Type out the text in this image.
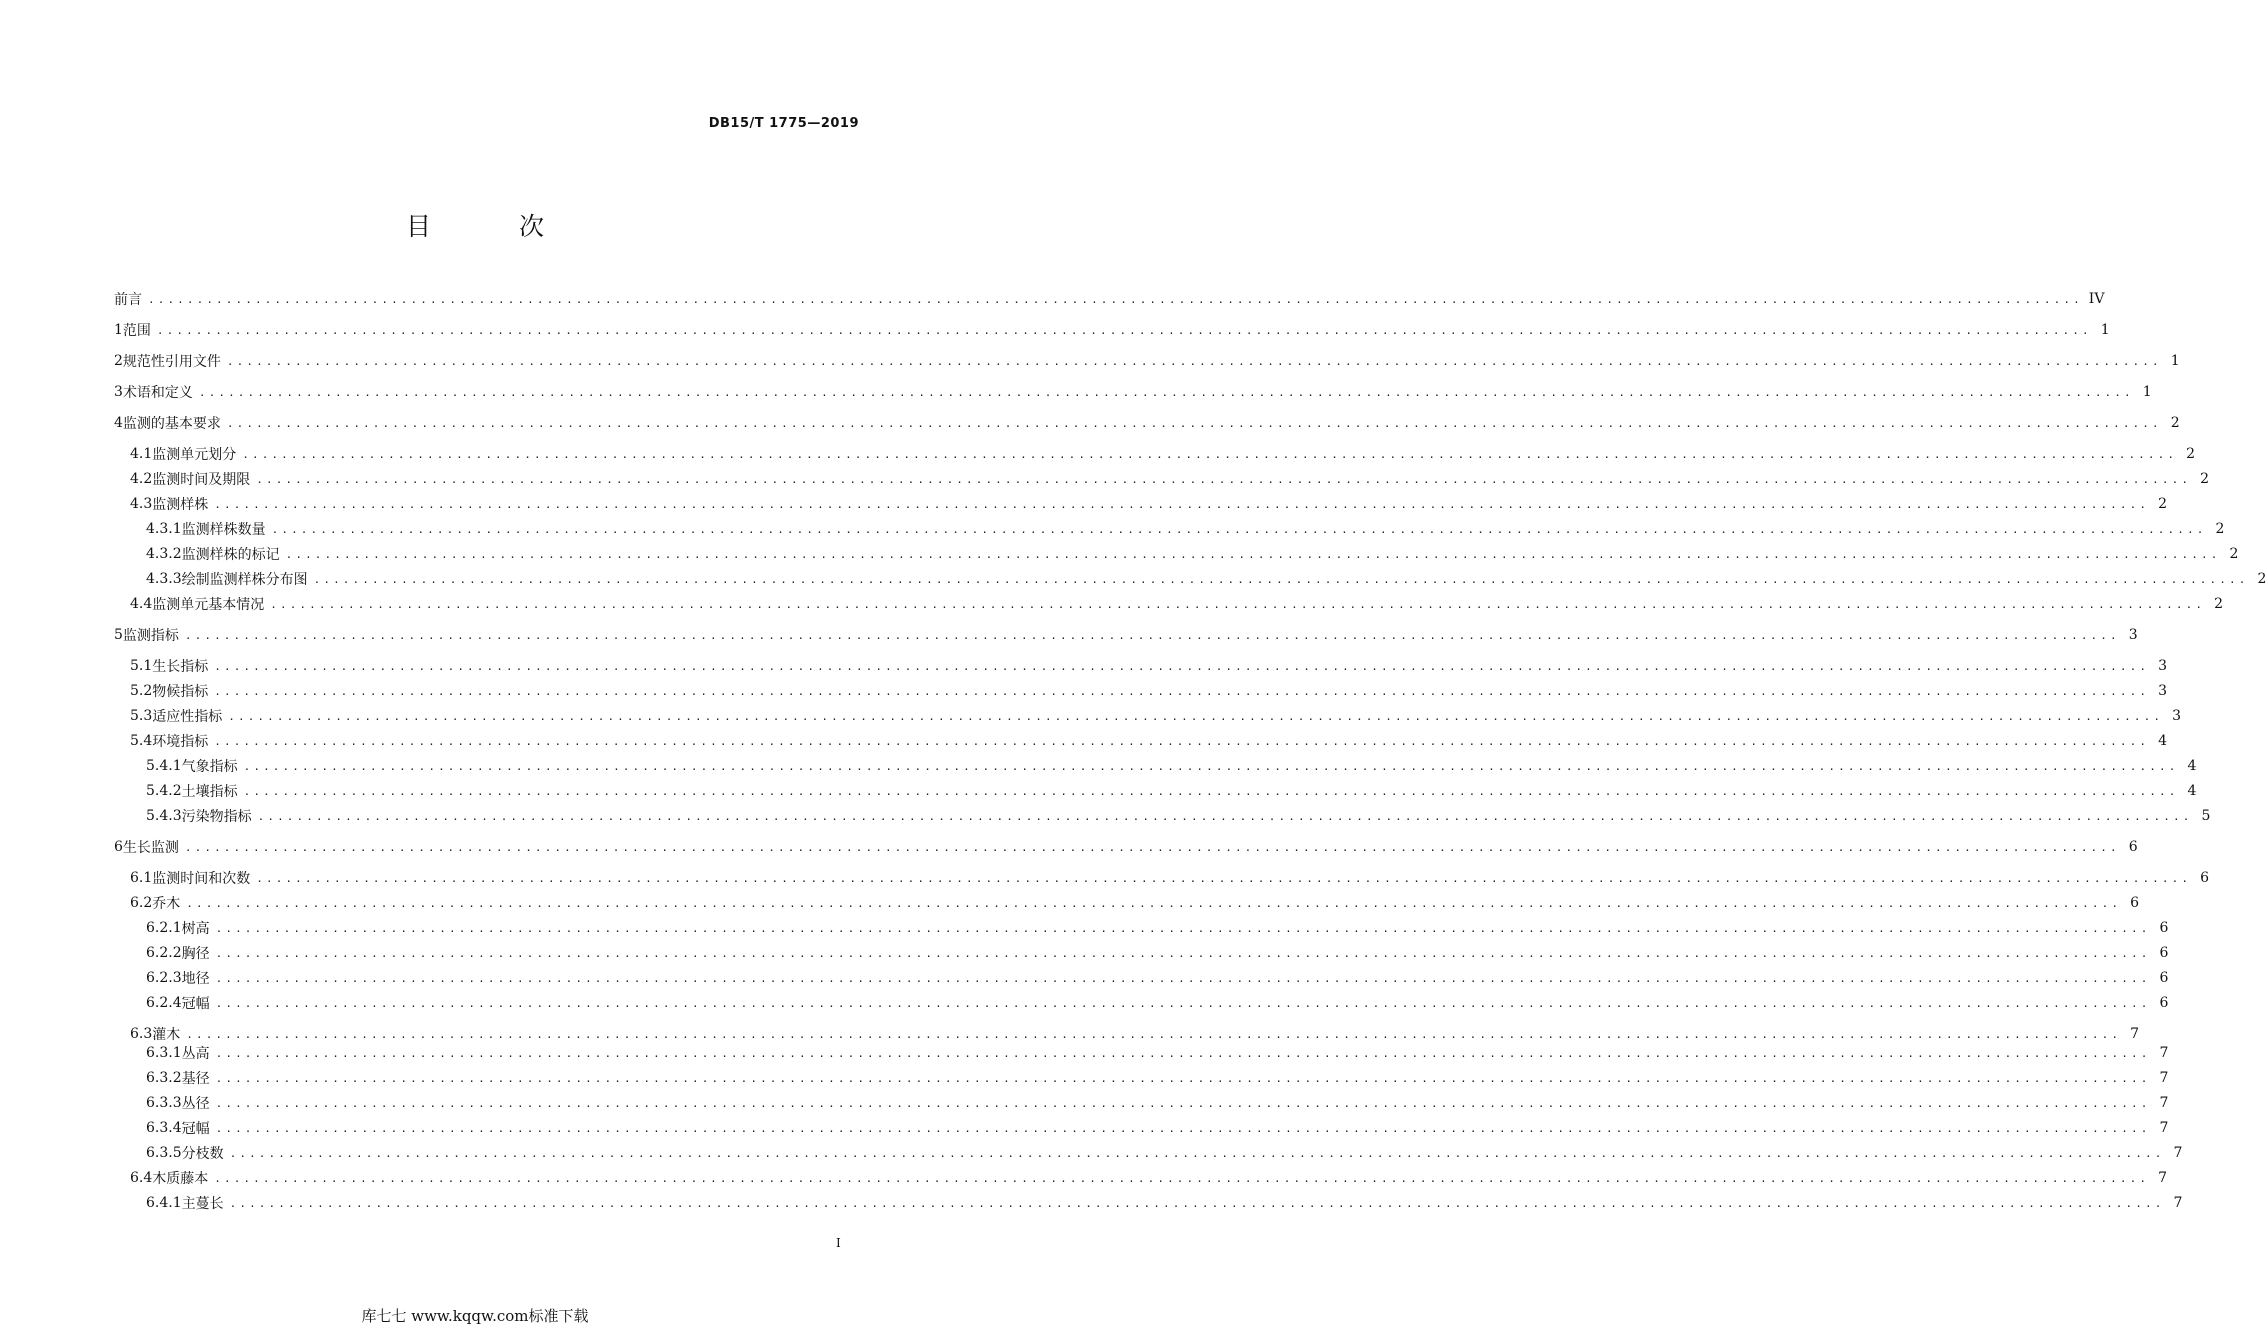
DB15/T 1775—2019
目 次
前言 ....................................................................................................................................................................................................... IV
1 范围 ....................................................................................................................................................................................................... 1
2 规范性引用文件 ....................................................................................................................................................................................................... 1
3 术语和定义 ....................................................................................................................................................................................................... 1
4 监测的基本要求 ....................................................................................................................................................................................................... 2
4.1 监测单元划分 ....................................................................................................................................................................................................... 2
4.2 监测时间及期限 ....................................................................................................................................................................................................... 2
4.3 监测样株 ....................................................................................................................................................................................................... 2
4.3.1 监测样株数量 ....................................................................................................................................................................................................... 2
4.3.2 监测样株的标记 ....................................................................................................................................................................................................... 2
4.3.3 绘制监测样株分布图 ....................................................................................................................................................................................................... 2
4.4 监测单元基本情况 ....................................................................................................................................................................................................... 2
5 监测指标 ....................................................................................................................................................................................................... 3
5.1 生长指标 ....................................................................................................................................................................................................... 3
5.2 物候指标 ....................................................................................................................................................................................................... 3
5.3 适应性指标 ....................................................................................................................................................................................................... 3
5.4 环境指标 ....................................................................................................................................................................................................... 4
5.4.1 气象指标 ....................................................................................................................................................................................................... 4
5.4.2 土壤指标 ....................................................................................................................................................................................................... 4
5.4.3 污染物指标 ....................................................................................................................................................................................................... 5
6 生长监测 ....................................................................................................................................................................................................... 6
6.1 监测时间和次数 ....................................................................................................................................................................................................... 6
6.2 乔木 ....................................................................................................................................................................................................... 6
6.2.1 树高 ....................................................................................................................................................................................................... 6
6.2.2 胸径 ....................................................................................................................................................................................................... 6
6.2.3 地径 ....................................................................................................................................................................................................... 6
6.2.4 冠幅 ....................................................................................................................................................................................................... 6
6.3 灌木 ....................................................................................................................................................................................................... 7
6.3.1 丛高 ....................................................................................................................................................................................................... 7
6.3.2 基径 ....................................................................................................................................................................................................... 7
6.3.3 丛径 ....................................................................................................................................................................................................... 7
6.3.4 冠幅 ....................................................................................................................................................................................................... 7
6.3.5 分枝数 ....................................................................................................................................................................................................... 7
6.4 木质藤本 ....................................................................................................................................................................................................... 7
6.4.1 主蔓长 ....................................................................................................................................................................................................... 7
I
库七七 www.kqqw.com标准下载
